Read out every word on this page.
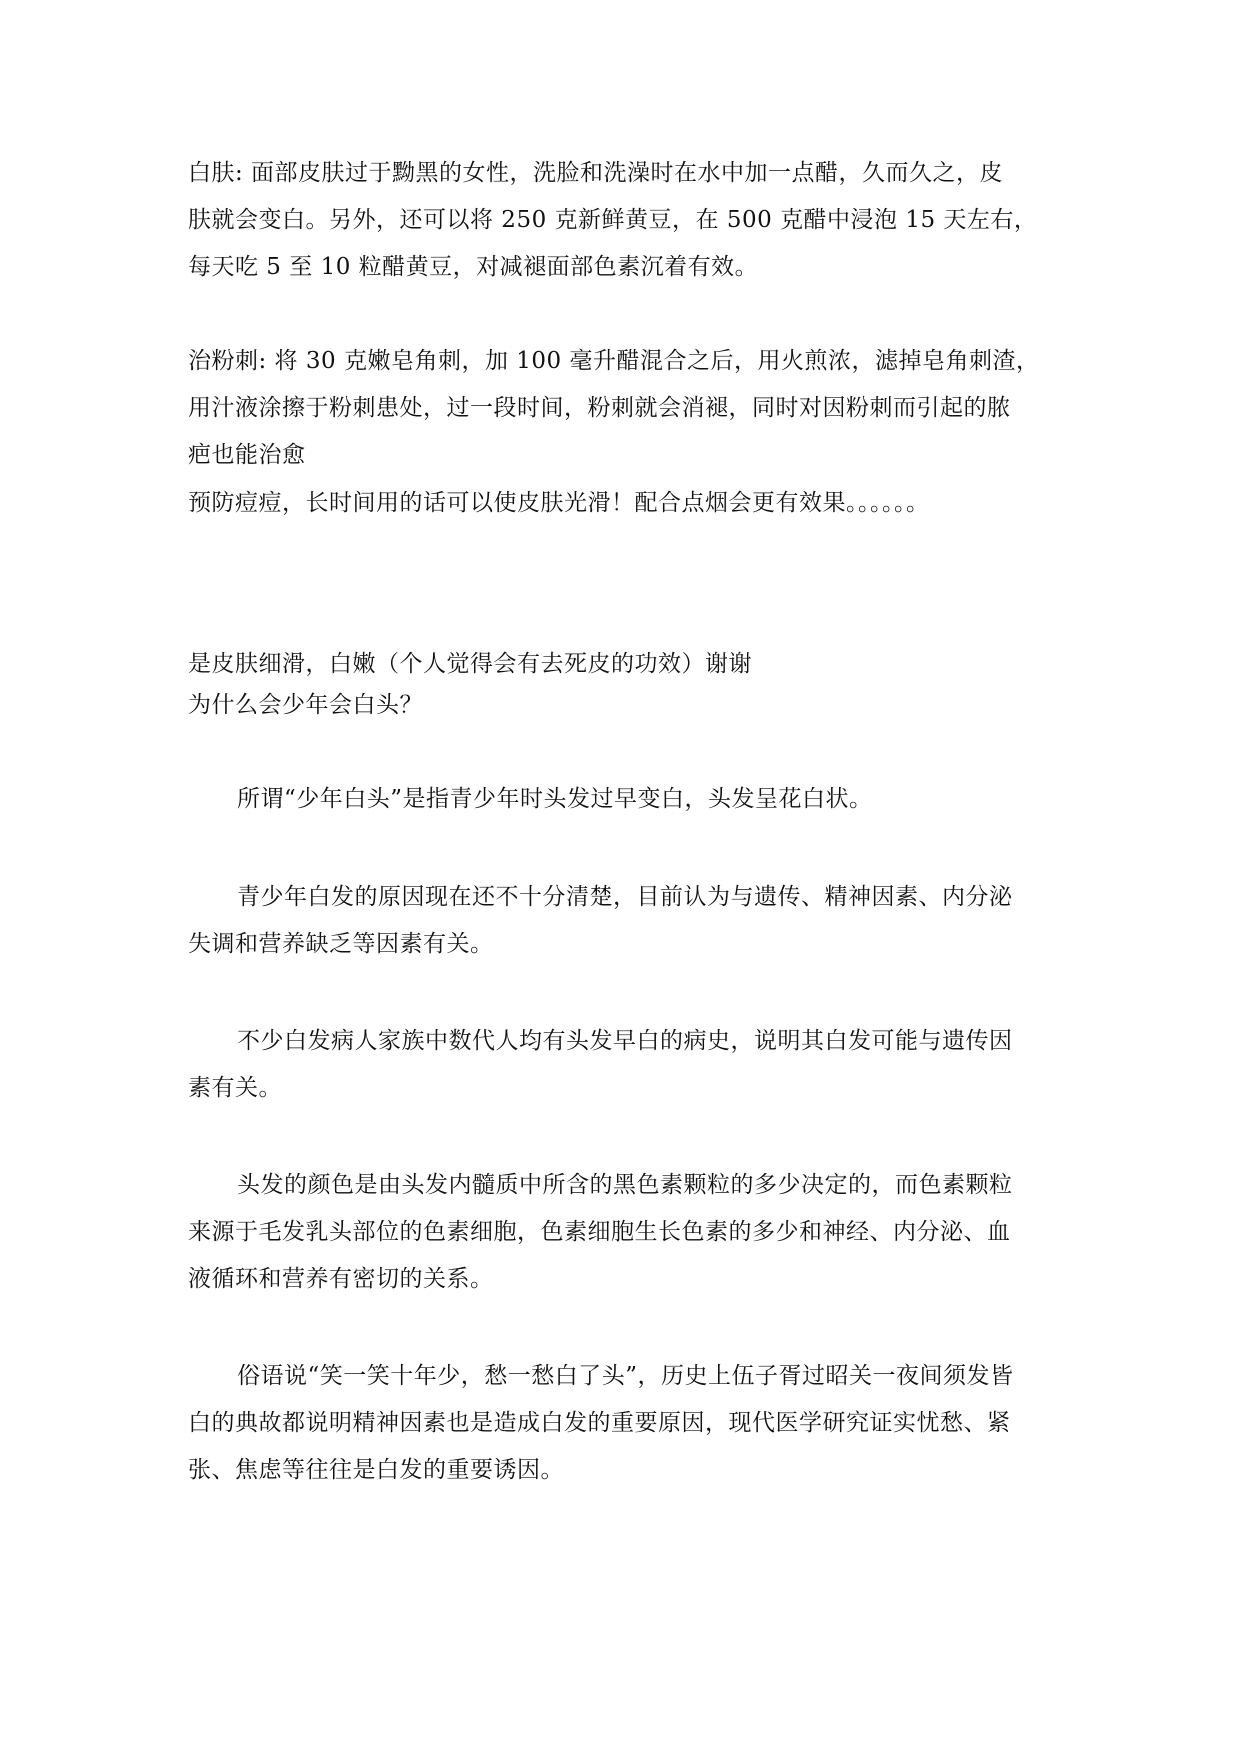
白肤: 面部皮肤过于黝黑的女性，洗脸和洗澡时在水中加一点醋，久而久之，皮
肤就会变白。另外，还可以将 250 克新鲜黄豆，在 500 克醋中浸泡 15 天左右，
每天吃 5 至 10 粒醋黄豆，对减褪面部色素沉着有效。
治粉刺: 将 30 克嫩皂角刺，加 100 毫升醋混合之后，用火煎浓，滤掉皂角刺渣，
用汁液涂擦于粉刺患处，过一段时间，粉刺就会消褪，同时对因粉刺而引起的脓
疤也能治愈
预防痘痘，长时间用的话可以使皮肤光滑！配合点烟会更有效果。。。。。。
是皮肤细滑，白嫩（个人觉得会有去死皮的功效）谢谢
为什么会少年会白头？
所谓“少年白头”是指青少年时头发过早变白，头发呈花白状。
青少年白发的原因现在还不十分清楚，目前认为与遗传、精神因素、内分泌
失调和营养缺乏等因素有关。
不少白发病人家族中数代人均有头发早白的病史，说明其白发可能与遗传因
素有关。
头发的颜色是由头发内髓质中所含的黑色素颗粒的多少决定的，而色素颗粒
来源于毛发乳头部位的色素细胞，色素细胞生长色素的多少和神经、内分泌、血
液循环和营养有密切的关系。
俗语说“笑一笑十年少，愁一愁白了头”，历史上伍子胥过昭关一夜间须发皆
白的典故都说明精神因素也是造成白发的重要原因，现代医学研究证实忧愁、紧
张、焦虑等往往是白发的重要诱因。
